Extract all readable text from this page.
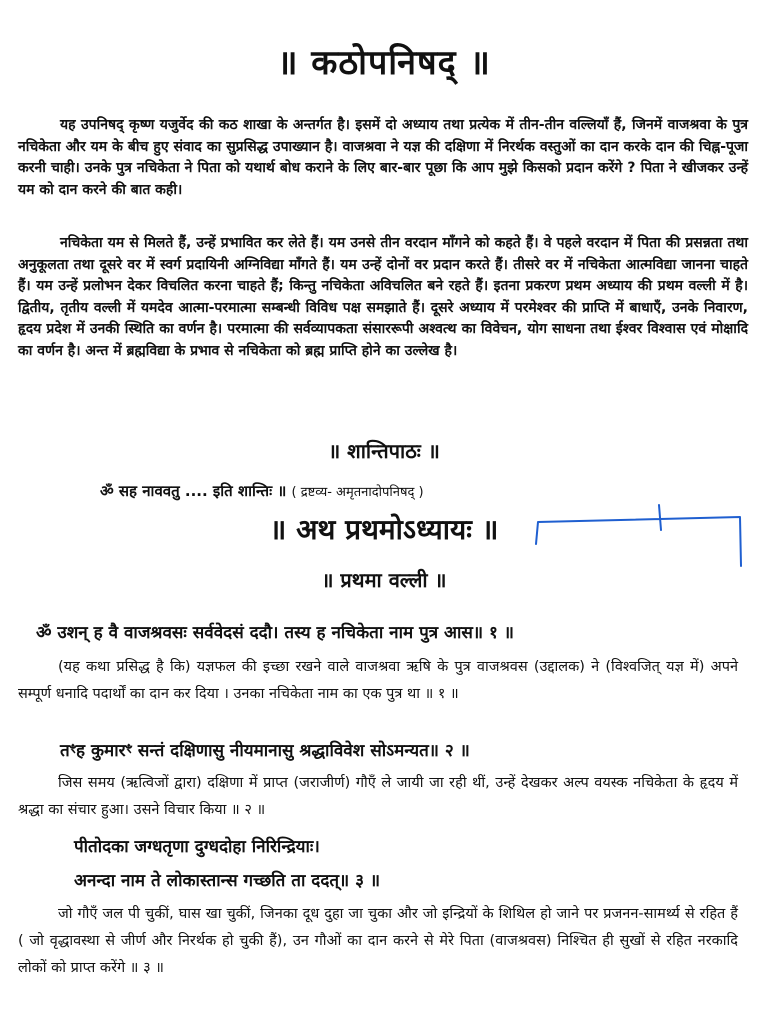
॥ कठोपनिषद् ॥

यह उपनिषद् कृष्ण यजुर्वेद की कठ शाखा के अन्तर्गत है। इसमें दो अध्याय तथा प्रत्येक में तीन-तीन वल्लियाँ हैं, जिनमें वाजश्रवा के पुत्र नचिकेता और यम के बीच हुए संवाद का सुप्रसिद्ध उपाख्यान है। वाजश्रवा ने यज्ञ की दक्षिणा में निरर्थक वस्तुओं का दान करके दान की चिह्न-पूजा करनी चाही। उनके पुत्र नचिकेता ने पिता को यथार्थ बोध कराने के लिए बार-बार पूछा कि आप मुझे किसको प्रदान करेंगे ? पिता ने खीजकर उन्हें यम को दान करने की बात कही।

नचिकेता यम से मिलते हैं, उन्हें प्रभावित कर लेते हैं। यम उनसे तीन वरदान माँगने को कहते हैं। वे पहले वरदान में पिता की प्रसन्नता तथा अनुकूलता तथा दूसरे वर में स्वर्ग प्रदायिनी अग्निविद्या माँगते हैं। यम उन्हें दोनों वर प्रदान करते हैं। तीसरे वर में नचिकेता आत्मविद्या जानना चाहते हैं। यम उन्हें प्रलोभन देकर विचलित करना चाहते हैं; किन्तु नचिकेता अविचलित बने रहते हैं। इतना प्रकरण प्रथम अध्याय की प्रथम वल्ली में है। द्वितीय, तृतीय वल्ली में यमदेव आत्मा-परमात्मा सम्बन्धी विविध पक्ष समझाते हैं। दूसरे अध्याय में परमेश्वर की प्राप्ति में बाधाएँ, उनके निवारण, हृदय प्रदेश में उनकी स्थिति का वर्णन है। परमात्मा की सर्वव्यापकता संसाररूपी अश्वत्थ का विवेचन, योग साधना तथा ईश्वर विश्वास एवं मोक्षादि का वर्णन है। अन्त में ब्रह्मविद्या के प्रभाव से नचिकेता को ब्रह्म प्राप्ति होने का उल्लेख है।

॥ शान्तिपाठः ॥

ॐ सह नाववतु .... इति शान्तिः ॥ ( द्रष्टव्य- अमृतनादोपनिषद् )

॥ अथ प्रथमोऽध्यायः ॥
॥ प्रथमा वल्ली ॥

ॐ उशन् ह वै वाजश्रवसः सर्ववेदसं ददौ। तस्य ह नचिकेता नाम पुत्र आस॥ १ ॥

(यह कथा प्रसिद्ध है कि) यज्ञफल की इच्छा रखने वाले वाजश्रवा ऋषि के पुत्र वाजश्रवस (उद्दालक) ने (विश्वजित् यज्ञ में) अपने सम्पूर्ण धनादि पदार्थों का दान कर दिया । उनका नचिकेता नाम का एक पुत्र था ॥ १ ॥

तꣳह कुमारꣳ सन्तं दक्षिणासु नीयमानासु श्रद्धाविवेश सोऽमन्यत॥ २ ॥

जिस समय (ऋत्विजों द्वारा) दक्षिणा में प्राप्त (जराजीर्ण) गौएँ ले जायी जा रही थीं, उन्हें देखकर अल्प वयस्क नचिकेता के हृदय में श्रद्धा का संचार हुआ। उसने विचार किया ॥ २ ॥

पीतोदका जग्धतृणा दुग्धदोहा निरिन्द्रियाः।

अनन्दा नाम ते लोकास्तान्स गच्छति ता ददत्॥ ३ ॥

जो गौएँ जल पी चुकीं, घास खा चुकीं, जिनका दूध दुहा जा चुका और जो इन्द्रियों के शिथिल हो जाने पर प्रजनन-सामर्थ्य से रहित हैं ( जो वृद्धावस्था से जीर्ण और निरर्थक हो चुकी हैं), उन गौओं का दान करने से मेरे पिता (वाजश्रवस) निश्चित ही सुखों से रहित नरकादि लोकों को प्राप्त करेंगे ॥ ३ ॥
